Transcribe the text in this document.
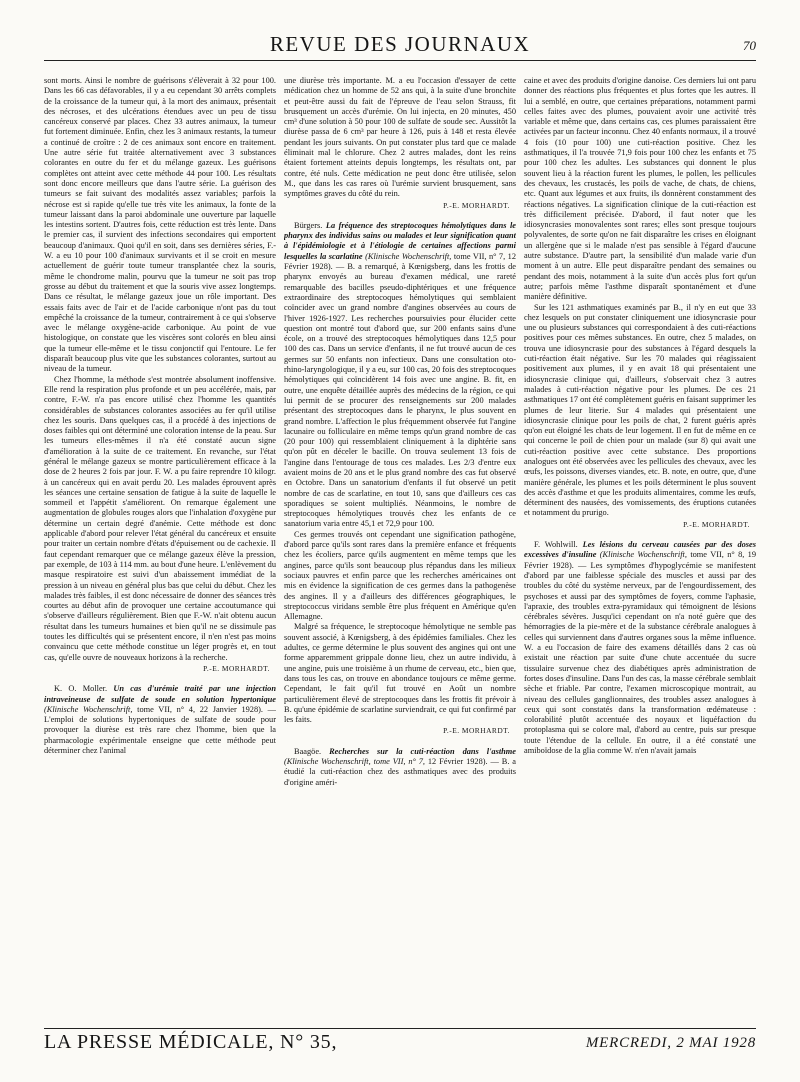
REVUE DES JOURNAUX	70

sont morts. Ainsi le nombre de guérisons s'élèverait à 32 pour 100. Dans les 66 cas défavorables, il y a eu cependant 30 arrêts complets de la croissance de la tumeur qui, à la mort des animaux, présentait des nécroses, et des ulcérations étendues avec un peu de tissu cancéreux conservé par places. Chez 33 autres animaux, la tumeur fut fortement diminuée. Enfin, chez les 3 animaux restants, la tumeur a continué de croître : 2 de ces animaux sont encore en traitement. Une autre série fut traitée alternativement avec 3 substances colorantes en outre du fer et du mélange gazeux. Les guérisons complètes ont atteint avec cette méthode 44 pour 100. Les résultats sont donc encore meilleurs que dans l'autre série. La guérison des tumeurs se fait suivant des modalités assez variables; parfois la nécrose est si rapide qu'elle tue très vite les animaux, la fonte de la tumeur laissant dans la paroi abdominale une ouverture par laquelle les intestins sortent. D'autres fois, cette réduction est très lente. Dans le premier cas, il survient des infections secondaires qui emportent beaucoup d'animaux. Quoi qu'il en soit, dans ses dernières séries, F.-W. a eu 10 pour 100 d'animaux survivants et il se croit en mesure actuellement de guérir toute tumeur transplantée chez la souris, même le chondrome malin, pourvu que la tumeur ne soit pas trop grosse au début du traitement et que la souris vive assez longtemps. Dans ce résultat, le mélange gazeux joue un rôle important. Des essais faits avec de l'air et de l'acide carbonique n'ont pas du tout empêché la croissance de la tumeur, contrairement à ce qui s'observe avec le mélange oxygène-acide carbonique. Au point de vue histologique, on constate que les viscères sont colorés en bleu ainsi que la tumeur elle-même et le tissu conjonctif qui l'entoure. Le fer disparaît beaucoup plus vite que les substances colorantes, surtout au niveau de la tumeur.

Chez l'homme, la méthode s'est montrée absolument inoffensive. Elle rend la respiration plus profonde et un peu accélérée, mais, par contre, F.-W. n'a pas encore utilisé chez l'homme les quantités considérables de substances colorantes associées au fer qu'il utilise chez les souris. Dans quelques cas, il a procédé à des injections de doses faibles qui ont déterminé une coloration intense de la peau. Sur les tumeurs elles-mêmes il n'a été constaté aucun signe d'amélioration à la suite de ce traitement. En revanche, sur l'état général le mélange gazeux se montre particulièrement efficace à la dose de 2 heures 2 fois par jour. F. W. a pu faire reprendre 10 kilogr. à un cancéreux qui en avait perdu 20. Les malades éprouvent après les séances une certaine sensation de fatigue à la suite de laquelle le sommeil et l'appétit s'améliorent. On remarque également une augmentation de globules rouges alors que l'inhalation d'oxygène pur détermine un certain degré d'anémie. Cette méthode est donc applicable d'abord pour relever l'état général du cancéreux et ensuite pour traiter un certain nombre d'états d'épuisement ou de cachexie. Il faut cependant remarquer que ce mélange gazeux élève la pression, par exemple, de 103 à 114 mm. au bout d'une heure. L'enlèvement du masque respiratoire est suivi d'un abaissement immédiat de la pression à un niveau en général plus bas que celui du début. Chez les malades très faibles, il est donc nécessaire de donner des séances très courtes au début afin de provoquer une certaine accoutumance qui s'observe d'ailleurs régulièrement. Bien que F.-W. n'ait obtenu aucun résultat dans les tumeurs humaines et bien qu'il ne se dissimule pas toutes les difficultés qui se présentent encore, il n'en n'est pas moins convaincu que cette méthode constitue un léger progrès et, en tout cas, qu'elle ouvre de nouveaux horizons à la recherche.

P.-E. MORHARDT.

K. O. Moller. Un cas d'urémie traité par une injection intraveineuse de sulfate de soude en solution hypertonique (Klinische Wochenschrift, tome VII, n° 4, 22 Janvier 1928). — L'emploi de solutions hypertoniques de sulfate de soude pour provoquer la diurèse est très rare chez l'homme, bien que la pharmacologie expérimentale enseigne que cette méthode peut déterminer chez l'animal

une diurèse très importante. M. a eu l'occasion d'essayer de cette médication chez un homme de 52 ans qui, à la suite d'une bronchite et peut-être aussi du fait de l'épreuve de l'eau selon Strauss, fit brusquement un accès d'urémie. On lui injecta, en 20 minutes, 450 cm³ d'une solution à 50 pour 100 de sulfate de soude sec. Aussitôt la diurèse passa de 6 cm³ par heure à 126, puis à 148 et resta élevée pendant les jours suivants. On put constater plus tard que ce malade éliminait mal le chlorure. Chez 2 autres malades, dont les reins étaient fortement atteints depuis longtemps, les résultats ont, par contre, été nuls. Cette médication ne peut donc être utilisée, selon M., que dans les cas rares où l'urémie survient brusquement, sans symptômes graves du côté du rein.

P.-E. MORHARDT.

Bürgers. La fréquence des streptocoques hémolytiques dans le pharynx des individus sains ou malades et leur signification quant à l'épidémiologie et à l'étiologie de certaines affections parmi lesquelles la scarlatine (Klinische Wochenschrift, tome VII, n° 7, 12 Février 1928). — B. a remarqué, à Kœnigsberg, dans les frottis de pharynx envoyés au bureau d'examen médical, une rareté remarquable des bacilles pseudo-diphtériques et une fréquence extraordinaire des streptocoques hémolytiques qui semblaient coïncider avec un grand nombre d'angines observées au cours de l'hiver 1926-1927. Les recherches poursuivies pour élucider cette question ont montré tout d'abord que, sur 200 enfants sains d'une école, on a trouvé des streptocoques hémolytiques dans 12,5 pour 100 des cas. Dans un service d'enfants, il ne fut trouvé aucun de ces germes sur 50 enfants non infectieux. Dans une consultation oto-rhino-laryngologique, il y a eu, sur 100 cas, 20 fois des streptocoques hémolytiques qui coïncidèrent 14 fois avec une angine. B. fit, en outre, une enquête détaillée auprès des médecins de la région, ce qui lui permit de se procurer des renseignements sur 200 malades présentant des streptocoques dans le pharynx, le plus souvent en grand nombre. L'affection le plus fréquemment observée fut l'angine lacunaire ou folliculaire en même temps qu'un grand nombre de cas (20 pour 100) qui ressemblaient cliniquement à la diphtérie sans qu'on pût en déceler le bacille. On trouva seulement 13 fois de l'angine dans l'entourage de tous ces malades. Les 2/3 d'entre eux avaient moins de 20 ans et le plus grand nombre des cas fut observé en Octobre. Dans un sanatorium d'enfants il fut observé un petit nombre de cas de scarlatine, en tout 10, sans que d'ailleurs ces cas sporadiques se soient multipliés. Néanmoins, le nombre de streptocoques hémolytiques trouvés chez les enfants de ce sanatorium varia entre 45,1 et 72,9 pour 100.

Ces germes trouvés ont cependant une signification pathogène, d'abord parce qu'ils sont rares dans la première enfance et fréquents chez les écoliers, parce qu'ils augmentent en même temps que les angines, parce qu'ils sont beaucoup plus répandus dans les milieux sociaux pauvres et enfin parce que les recherches américaines ont mis en évidence la signification de ces germes dans la pathogenèse des angines. Il y a d'ailleurs des différences géographiques, le streptococcus viridans semble être plus fréquent en Amérique qu'en Allemagne.

Malgré sa fréquence, le streptocoque hémolytique ne semble pas souvent associé, à Kœnigsberg, à des épidémies familiales. Chez les adultes, ce germe détermine le plus souvent des angines qui ont une forme apparemment grippale donne lieu, chez un autre individu, à une angine, puis une troisième à un rhume de cerveau, etc., bien que, dans tous les cas, on trouve en abondance toujours ce même germe. Cependant, le fait qu'il fut trouvé en Août un nombre particulièrement élevé de streptocoques dans les frottis fit prévoir à B. qu'une épidémie de scarlatine surviendrait, ce qui fut confirmé par les faits.

P.-E. MORHARDT.

Baagöe. Recherches sur la cuti-réaction dans l'asthme (Klinische Wochenschrift, tome VII, n° 7, 12 Février 1928). — B. a étudié la cuti-réaction chez des asthmatiques avec des produits d'origine améri-

caine et avec des produits d'origine danoise. Ces derniers lui ont paru donner des réactions plus fréquentes et plus fortes que les autres. Il lui a semblé, en outre, que certaines préparations, notamment parmi celles faites avec des plumes, pouvaient avoir une activité très variable et même que, dans certains cas, ces plumes paraissaient être activées par un facteur inconnu. Chez 40 enfants normaux, il a trouvé 4 fois (10 pour 100) une cuti-réaction positive. Chez les asthmatiques, il l'a trouvée 71,9 fois pour 100 chez les enfants et 75 pour 100 chez les adultes. Les substances qui donnent le plus souvent lieu à la réaction furent les plumes, le pollen, les pellicules des chevaux, les crustacés, les poils de vache, de chats, de chiens, etc. Quant aux légumes et aux fruits, ils donnèrent constamment des réactions négatives. La signification clinique de la cuti-réaction est très difficilement précisée. D'abord, il faut noter que les idiosyncrasies monovalentes sont rares; elles sont presque toujours polyvalentes, de sorte qu'on ne fait disparaître les crises en éloignant un allergène que si le malade n'est pas sensible à l'égard d'aucune autre substance. D'autre part, la sensibilité d'un malade varie d'un moment à un autre. Elle peut disparaître pendant des semaines ou pendant des mois, notamment à la suite d'un accès plus fort qu'un autre; parfois même l'asthme disparaît spontanément et d'une manière définitive.

Sur les 121 asthmatiques examinés par B., il n'y en eut que 33 chez lesquels on put constater cliniquement une idiosyncrasie pour une ou plusieurs substances qui correspondaient à des cuti-réactions positives pour ces mêmes substances. En outre, chez 5 malades, on trouva une idiosyncrasie pour des substances à l'égard desquels la cuti-réaction était négative. Sur les 70 malades qui réagissaient positivement aux plumes, il y en avait 18 qui présentaient une idiosyncrasie clinique qui, d'ailleurs, s'observait chez 3 autres malades à cuti-réaction négative pour les plumes. De ces 21 asthmatiques 17 ont été complètement guéris en faisant supprimer les plumes de leur literie. Sur 4 malades qui présentaient une idiosyncrasie clinique pour les poils de chat, 2 furent guéris après qu'on eut éloigné les chats de leur logement. Il en fut de même en ce qui concerne le poil de chien pour un malade (sur 8) qui avait une cuti-réaction positive avec cette substance. Des proportions analogues ont été observées avec les pellicules des chevaux, avec les œufs, les poissons, diverses viandes, etc. B. note, en outre, que, d'une manière générale, les plumes et les poils déterminent le plus souvent des accès d'asthme et que les produits alimentaires, comme les œufs, déterminent des nausées, des vomissements, des éruptions cutanées et notamment du prurigo.

P.-E. MORHARDT.

F. Wohlwill. Les lésions du cerveau causées par des doses excessives d'insuline (Klinische Wochenschrift, tome VII, n° 8, 19 Février 1928). — Les symptômes d'hypoglycémie se manifestent d'abord par une faiblesse spéciale des muscles et aussi par des troubles du côté du système nerveux, par de l'engourdissement, des psychoses et aussi par des symptômes de foyers, comme l'aphasie, l'apraxie, des troubles extra-pyramidaux qui témoignent de lésions cérébrales sévères. Jusqu'ici cependant on n'a noté guère que des hémorragies de la pie-mère et de la substance cérébrale analogues à celles qui surviennent dans d'autres organes sous la même influence. W. a eu l'occasion de faire des examens détaillés dans 2 cas où existait une réaction par suite d'une chute accentuée du sucre tissulaire survenue chez des diabétiques après administration de fortes doses d'insuline. Dans l'un des cas, la masse cérébrale semblait sèche et friable. Par contre, l'examen microscopique montrait, au niveau des cellules ganglionnaires, des troubles assez analogues à ceux qui sont constatés dans la transformation œdémateuse : colorabilité plutôt accentuée des noyaux et liquéfaction du protoplasma qui se colore mal, d'abord au centre, puis sur presque toute l'étendue de la cellule. En outre, il a été constaté une amiboïdose de la glia comme W. n'en n'avait jamais

LA PRESSE MÉDICALE, N° 35,	MERCREDI, 2 MAI 1928
